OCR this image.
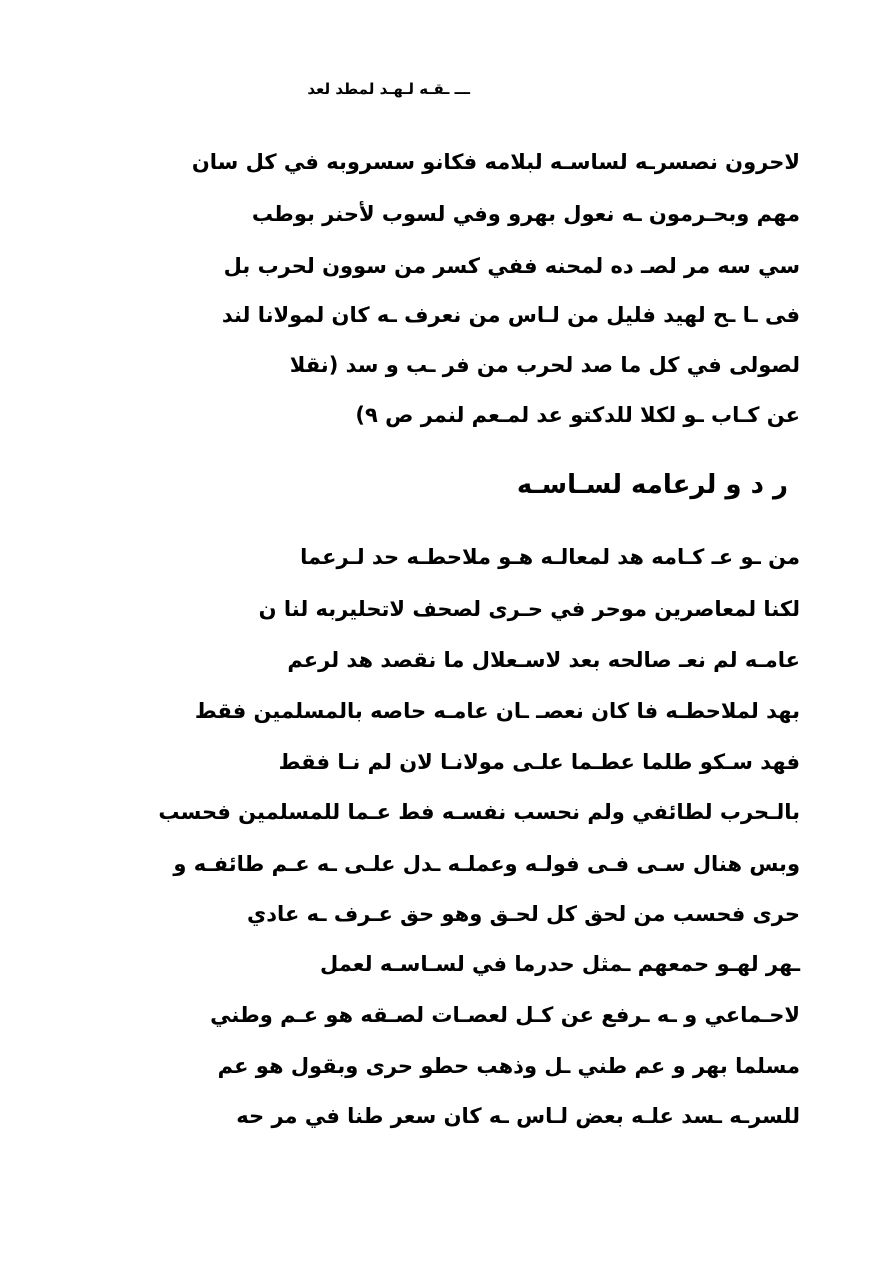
ـــ ـقـه لـهـد لمطد لعد
لاحرون نصسرـه لساسـه لبلامه فكانو سسروبه في كل سان
مهم وبحـرمون ـه نعول بهرو وفي لسوب لأحنر بوطب
سي سه مر لصـ ده لمحنه ففي كسر من سوون لحرب بل
فى ـا ـح لهيد فليل من لـاس من نعرف ـه كان لمولانا لند
لصولى في كل ما صد لحرب من فر ـب و سد (نقلا
عن كـاب ـو لكلا للدكتو عد لمـعم لنمر ص ٩)
ر د و لرعامه لسـاسـه
من ـو عـ كـامه هد لمعالـه هـو ملاحطـه حد لـرعما
لكنا لمعاصرين موحر في حـرى لصحف لاتحليربه لنا ن
عامـه لم نعـ صالحه بعد لاسـعلال ما نقصد هد لرعم
بهد لملاحطـه فا كان نعصـ ـان عامـه حاصه بالمسلمين فقط
فهد سـكو طلما عطـما علـى مولانـا لان لم نـا فقط
بالـحرب لطائفي ولم نحسب نفسـه فط عـما للمسلمين فحسب
وبس هنال سـى فـى فولـه وعملـه ـدل علـى ـه عـم طائفـه و
حرى فحسب من لحق كل لحـق وهو حق عـرف ـه عادي
ـهر لهـو حمعهم ـمثل حدرما في لسـاسـه لعمل
لاحـماعي و ـه ـرفع عن كـل لعصـات لصـقه هو عـم وطني
مسلما بهر و عم طني ـل وذهب حطو حرى وبقول هو عم
للسرـه ـسد علـه بعض لـاس ـه كان سعر طنا في مر حه
